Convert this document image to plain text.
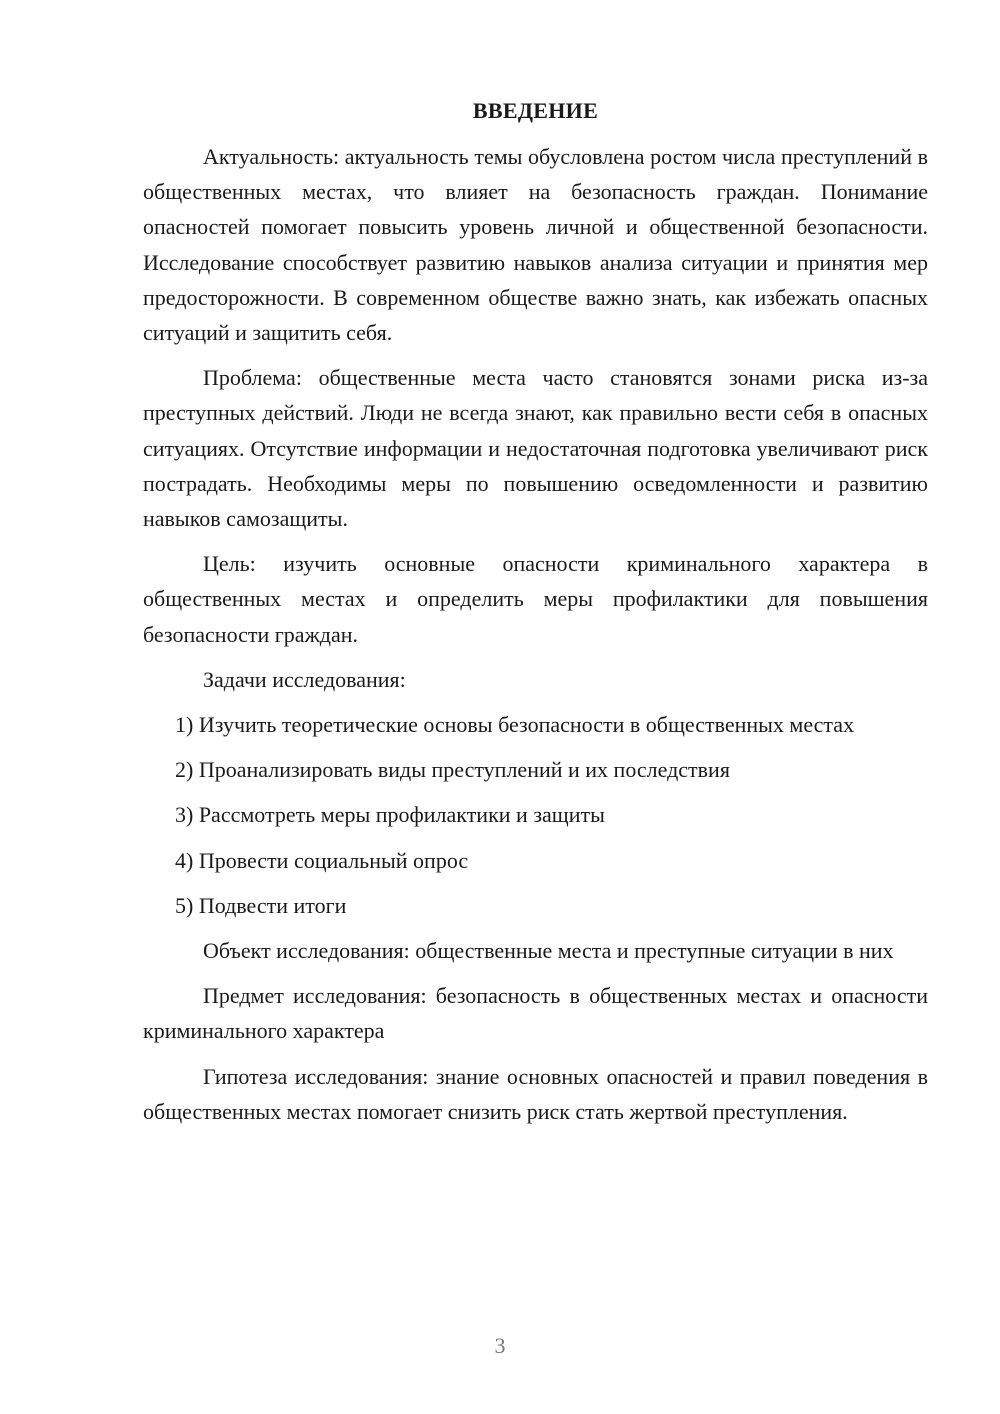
ВВЕДЕНИЕ

Актуальность: актуальность темы обусловлена ростом числа преступлений в общественных местах, что влияет на безопасность граждан. Понимание опасностей помогает повысить уровень личной и общественной безопасности. Исследование способствует развитию навыков анализа ситуации и принятия мер предосторожности. В современном обществе важно знать, как избежать опасных ситуаций и защитить себя.

Проблема: общественные места часто становятся зонами риска из-за преступных действий. Люди не всегда знают, как правильно вести себя в опасных ситуациях. Отсутствие информации и недостаточная подготовка увеличивают риск пострадать. Необходимы меры по повышению осведомленности и развитию навыков самозащиты.

Цель: изучить основные опасности криминального характера в общественных местах и определить меры профилактики для повышения безопасности граждан.

Задачи исследования:

1) Изучить теоретические основы безопасности в общественных местах

2) Проанализировать виды преступлений и их последствия

3) Рассмотреть меры профилактики и защиты

4) Провести социальный опрос

5) Подвести итоги

Объект исследования: общественные места и преступные ситуации в них

Предмет исследования: безопасность в общественных местах и опасности криминального характера

Гипотеза исследования: знание основных опасностей и правил поведения в общественных местах помогает снизить риск стать жертвой преступления.

3
